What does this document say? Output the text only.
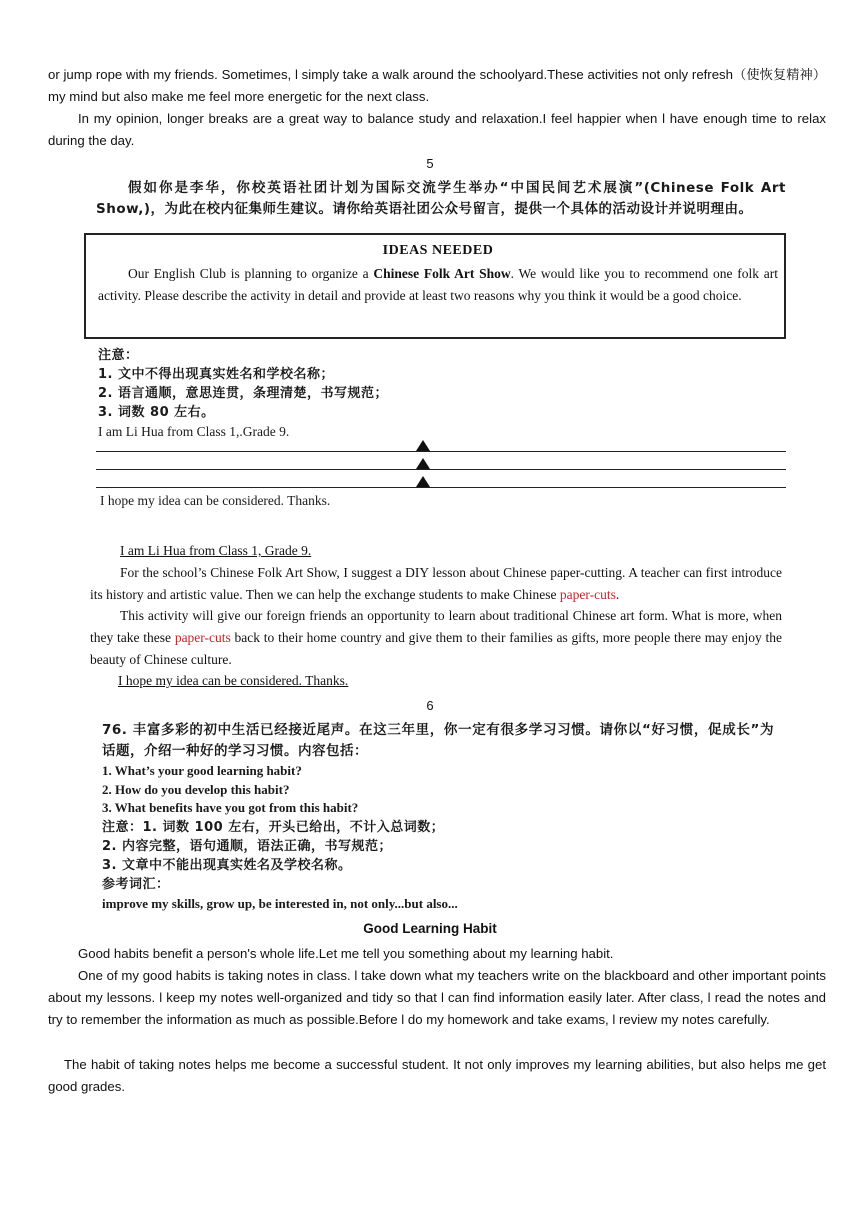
or jump rope with my friends. Sometimes, l simply take a walk around the schoolyard.These activities not only refresh（使恢复精神）my mind but also make me feel more energetic for the next class.

In my opinion, longer breaks are a great way to balance study and relaxation.I feel happier when l have enough time to relax during the day.

5

假如你是李华，你校英语社团计划为国际交流学生举办“中国民间艺术展演”(Chinese Folk Art Show,)，为此在校内征集师生建议。请你给英语社团公众号留言，提供一个具体的活动设计并说明理由。

IDEAS NEEDED

Our English Club is planning to organize a Chinese Folk Art Show. We would like you to recommend one folk art activity. Please describe the activity in detail and provide at least two reasons why you think it would be a good choice.

注意：

1. 文中不得出现真实姓名和学校名称；

2. 语言通顺，意思连贯，条理清楚，书写规范；

3. 词数 80 左右。

I am Li Hua from Class 1,.Grade 9.

I hope my idea can be considered. Thanks.

I am Li Hua from Class 1, Grade 9.

For the school’s Chinese Folk Art Show, I suggest a DIY lesson about Chinese paper-cutting. A teacher can first introduce its history and artistic value. Then we can help the exchange students to make Chinese paper-cuts.

This activity will give our foreign friends an opportunity to learn about traditional Chinese art form. What is more, when they take these paper-cuts back to their home country and give them to their families as gifts, more people there may enjoy the beauty of Chinese culture.

I hope my idea can be considered. Thanks.

6

76. 丰富多彩的初中生活已经接近尾声。在这三年里，你一定有很多学习习惯。请你以“好习惯，促成长”为话题，介绍一种好的学习习惯。内容包括：

1. What’s your good learning habit?

2. How do you develop this habit?

3. What benefits have you got from this habit?

注意：1. 词数 100 左右，开头已给出，不计入总词数；

2. 内容完整，语句通顺，语法正确，书写规范；

3. 文章中不能出现真实姓名及学校名称。

参考词汇：

improve my skills, grow up, be interested in, not only...but also...

Good Learning Habit

Good habits benefit a person's whole life.Let me tell you something about my learning habit.

One of my good habits is taking notes in class. l take down what my teachers write on the blackboard and other important points about my lessons. l keep my notes well-organized and tidy so that l can find information easily later. After class, l read the notes and try to remember the information as much as possible.Before l do my homework and take exams, l review my notes carefully.

The habit of taking notes helps me become a successful student. It not only improves my learning abilities, but also helps me get good grades.
